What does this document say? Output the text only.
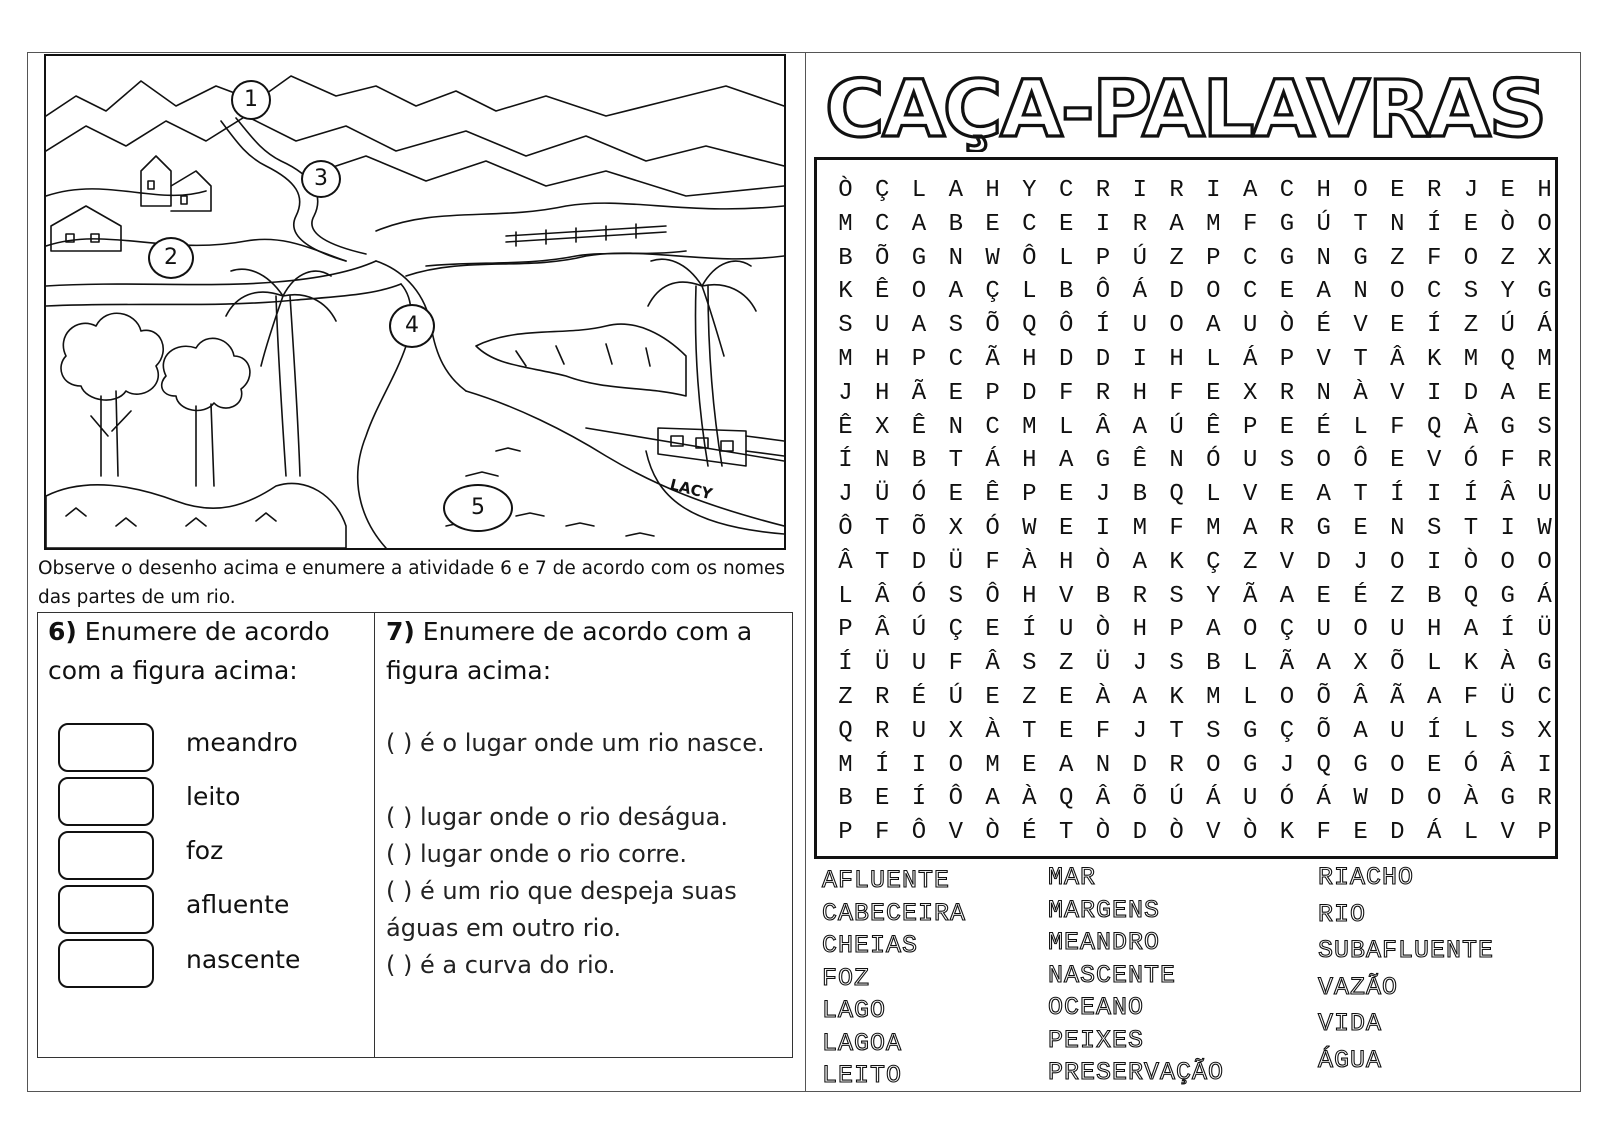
LACY
1
2
3
4
5
Observe o desenho acima e enumere a atividade 6 e 7 de acordo com os nomes das partes de um rio.
6) Enumere de acordo com a figura acima:
meandro
leito
foz
afluente
nascente
7) Enumere de acordo com a figura acima:
( ) é o lugar onde um rio nasce.
( ) lugar onde o rio deságua.
( ) lugar onde o rio corre.
( ) é um rio que despeja suas águas em outro rio.
( ) é a curva do rio.
CAÇA-PALAVRAS
Ò Ç L A H Y C R I R I A C H O E R J E H
M C A B E C E I R A M F G Ú T N Í E Ò O
B Õ G N W Ô L P Ú Z P C G N G Z F O Z X
K Ê O A Ç L B Ô Á D O C E A N O C S Y G
S U A S Õ Q Ô Í U O A U Ò É V E Í Z Ú Á
M H P C Ã H D D I H L Á P V T Â K M Q M
J H Ã E P D F R H F E X R N À V I D A E
Ê X Ê N C M L Â A Ú Ê P E É L F Q À G S
Í N B T Á H A G Ê N Ó U S O Ô E V Ó F R
J Ü Ó E Ê P E J B Q L V E A T Í I Í Â U
Ô T Õ X Ó W E I M F M A R G E N S T I W
Â T D Ü F À H Ò A K Ç Z V D J O I Ò O O
L Â Ó S Ô H V B R S Y Ã A E É Z B Q G Á
P Â Ú Ç E Í U Ò H P A O Ç U O U H A Í Ü
Í Ü U F Â S Z Ü J S B L Ã A X Õ L K À G
Z R É Ú E Z E À A K M L O Õ Â Ã A F Ü C
Q R U X À T E F J T S G Ç Õ A U Í L S X
M Í I O M E A N D R O G J Q G O E Ó Â I
B E Í Ô A À Q Â Õ Ú Á U Ó Á W D O À G R
P F Ô V Ò É T Ò D Ò V Ò K F E D Á L V P
AFLUENTE
CABECEIRA
CHEIAS
FOZ
LAGO
LAGOA
LEITO
MAR
MARGENS
MEANDRO
NASCENTE
OCEANO
PEIXES
PRESERVAÇÃO
RIACHO
RIO
SUBAFLUENTE
VAZÃO
VIDA
ÁGUA
